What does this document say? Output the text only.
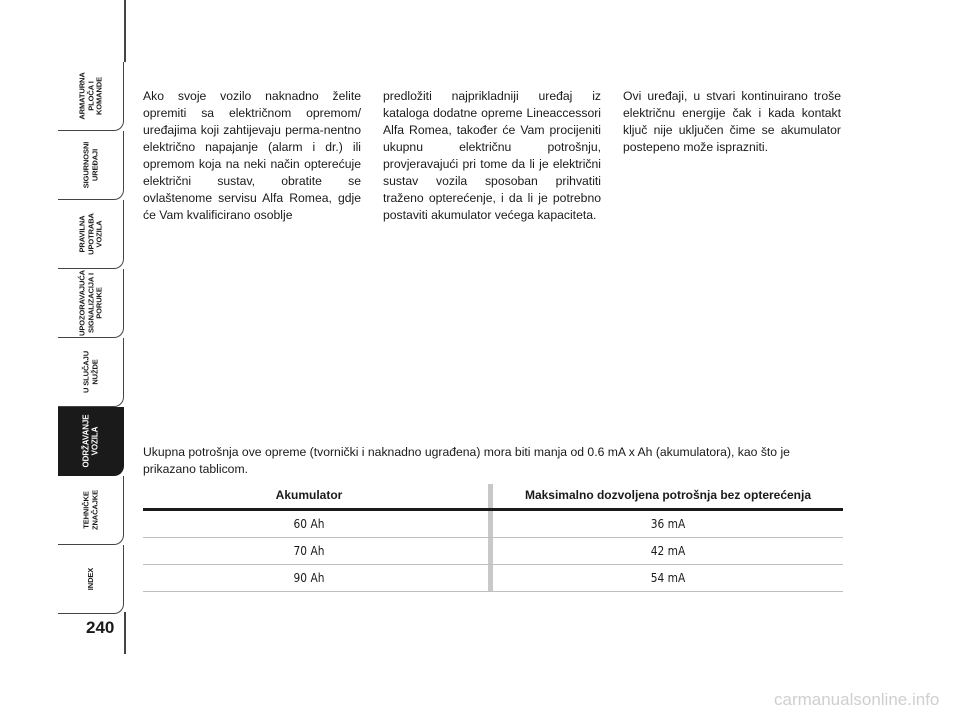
ARMATURNA
PLOČA I
KOMANDE
SIGURNOSNI
UREĐAJI
PRAVILNA
UPOTRABA
VOZILA
UPOZORAVAJUĆA
SIGNALIZACIJA I
PORUKE
U SLUČAJU
NUŽDE
ODRŽAVANJE
VOZILA
TEHNIČKE
ZNAČAJKE
INDEX
240
Ako svoje vozilo naknadno želite opremiti sa električnom opremom/ uređajima koji zahtijevaju perma-nentno električno napajanje (alarm i dr.) ili opremom koja na neki način opterećuje električni sustav, obratite se ovlaštenome servisu Alfa Romea, gdje će Vam kvalificirano osoblje
predložiti najprikladniji uređaj iz kataloga dodatne opreme Lineaccessori Alfa Romea, također će Vam procijeniti ukupnu električnu potrošnju, provjeravajući pri tome da li je električni sustav vozila sposoban prihvatiti traženo opterećenje, i da li je potrebno postaviti akumulator većega kapaciteta.
Ovi uređaji, u stvari kontinuirano troše električnu energije čak i kada kontakt ključ nije uključen čime se akumulator postepeno može isprazniti.
Ukupna potrošnja ove opreme (tvornički i naknadno ugrađena) mora biti manja od 0.6 mA x Ah (akumulatora), kao što je prikazano tablicom.
Akumulator	Maksimalno dozvoljena potrošnja bez opterećenja
60 Ah	36 mA
70 Ah	42 mA
90 Ah	54 mA
carmanualsonline.info
